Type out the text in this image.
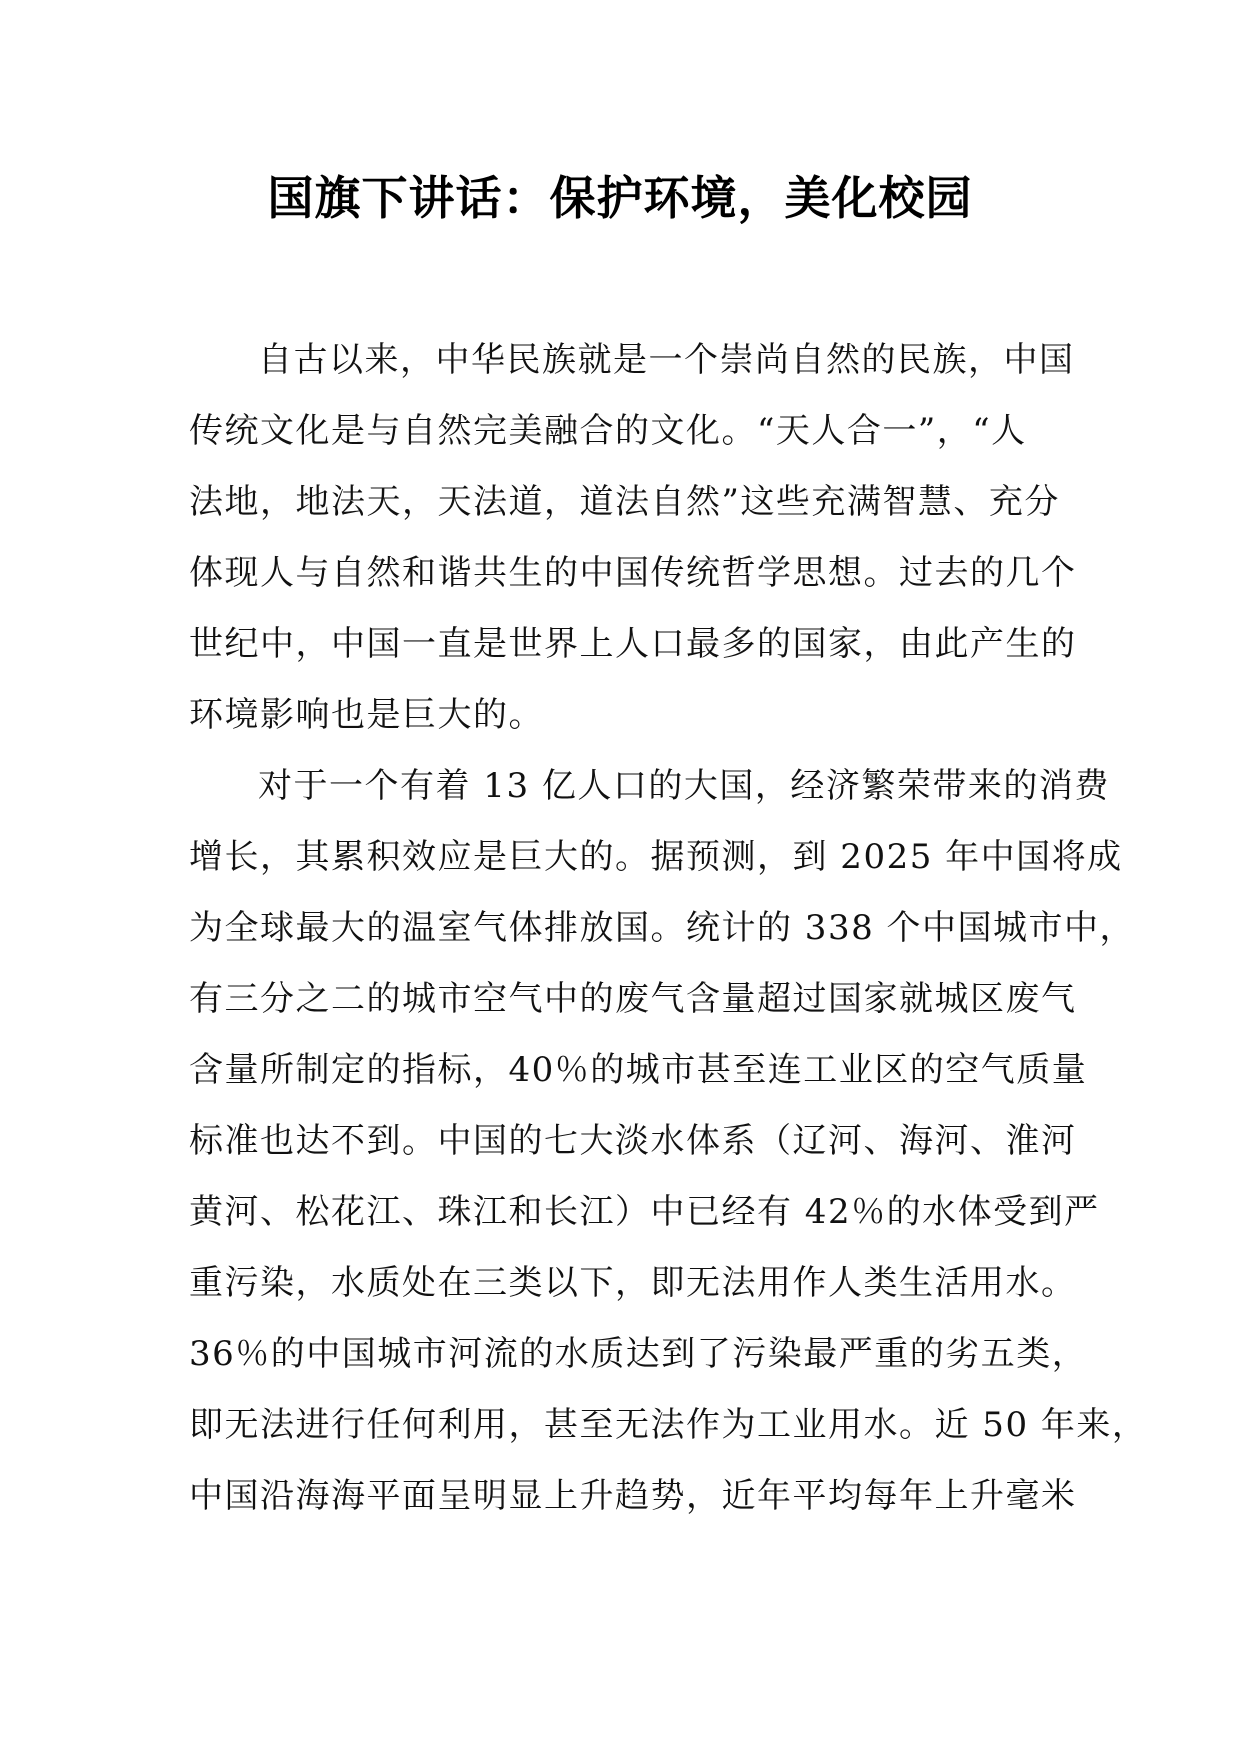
国旗下讲话：保护环境，美化校园
自古以来，中华民族就是一个崇尚自然的民族，中国
传统文化是与自然完美融合的文化。“天人合一”，“人
法地，地法天，天法道，道法自然”这些充满智慧、充分
体现人与自然和谐共生的中国传统哲学思想。过去的几个
世纪中，中国一直是世界上人口最多的国家，由此产生的
环境影响也是巨大的。
对于一个有着 13 亿人口的大国，经济繁荣带来的消费
增长，其累积效应是巨大的。据预测，到 2025 年中国将成
为全球最大的温室气体排放国。统计的 338 个中国城市中，
有三分之二的城市空气中的废气含量超过国家就城区废气
含量所制定的指标，40％的城市甚至连工业区的空气质量
标准也达不到。中国的七大淡水体系（辽河、海河、淮河
黄河、松花江、珠江和长江）中已经有 42％的水体受到严
重污染，水质处在三类以下，即无法用作人类生活用水。
36％的中国城市河流的水质达到了污染最严重的劣五类，
即无法进行任何利用，甚至无法作为工业用水。近 50 年来，
中国沿海海平面呈明显上升趋势，近年平均每年上升毫米
